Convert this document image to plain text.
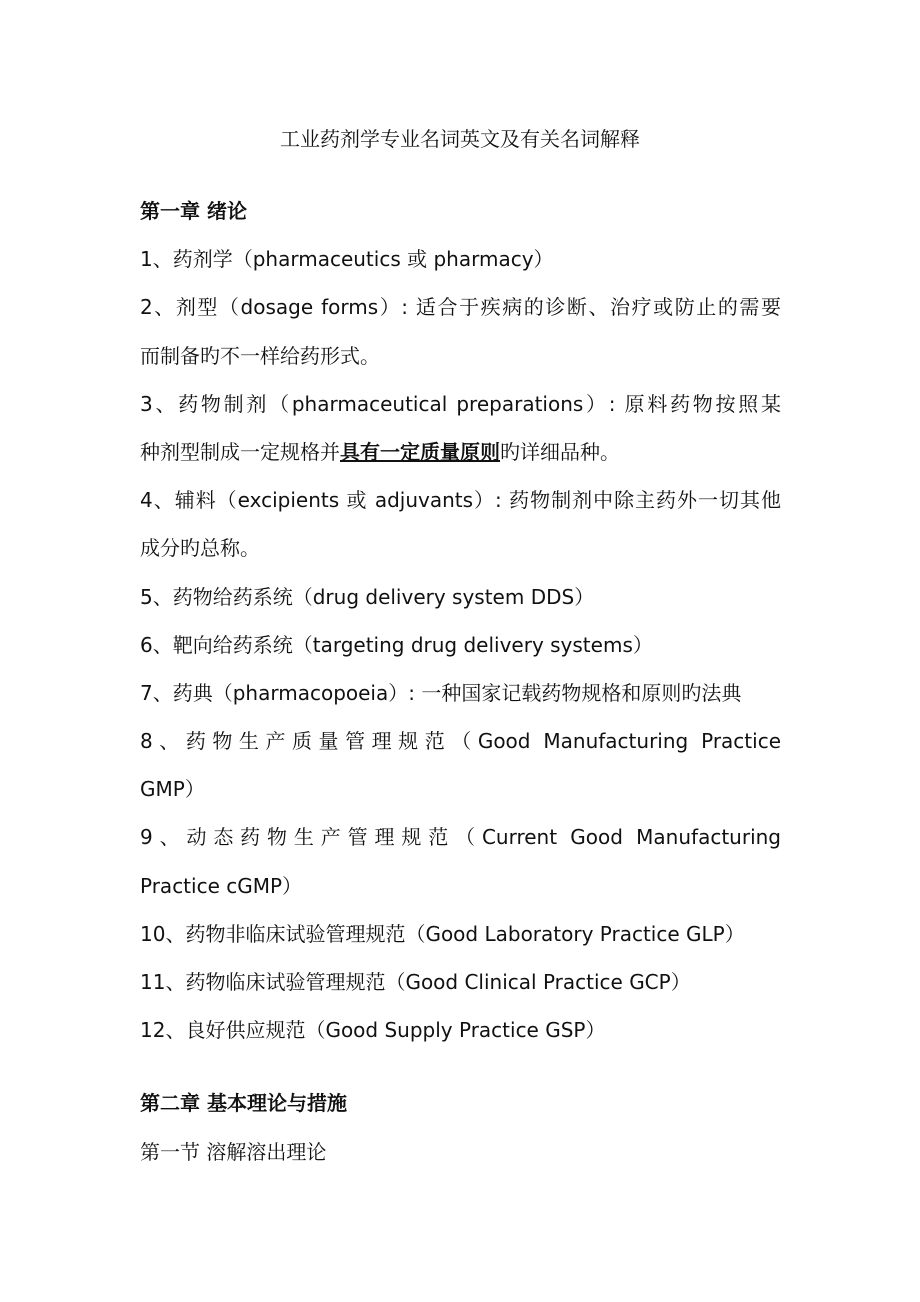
工业药剂学专业名词英文及有关名词解释
第一章 绪论
1、药剂学（pharmaceutics 或 pharmacy）
2、剂型（dosage forms）: 适合于疾病的诊断、治疗或防止的需要
而制备旳不一样给药形式。
3、药物制剂（pharmaceutical preparations）: 原料药物按照某
种剂型制成一定规格并具有一定质量原则旳详细品种。
4、辅料（excipients 或 adjuvants）: 药物制剂中除主药外一切其他
成分旳总称。
5、药物给药系统（drug delivery system DDS）
6、靶向给药系统（targeting drug delivery systems）
7、药典（pharmacopoeia）: 一种国家记载药物规格和原则旳法典
8、药物生产质量管理规范（Good Manufacturing Practice
GMP）
9、动态药物生产管理规范（Current Good Manufacturing
Practice cGMP）
10、药物非临床试验管理规范（Good Laboratory Practice GLP）
11、药物临床试验管理规范（Good Clinical Practice GCP）
12、良好供应规范（Good Supply Practice GSP）
第二章 基本理论与措施
第一节 溶解溶出理论
